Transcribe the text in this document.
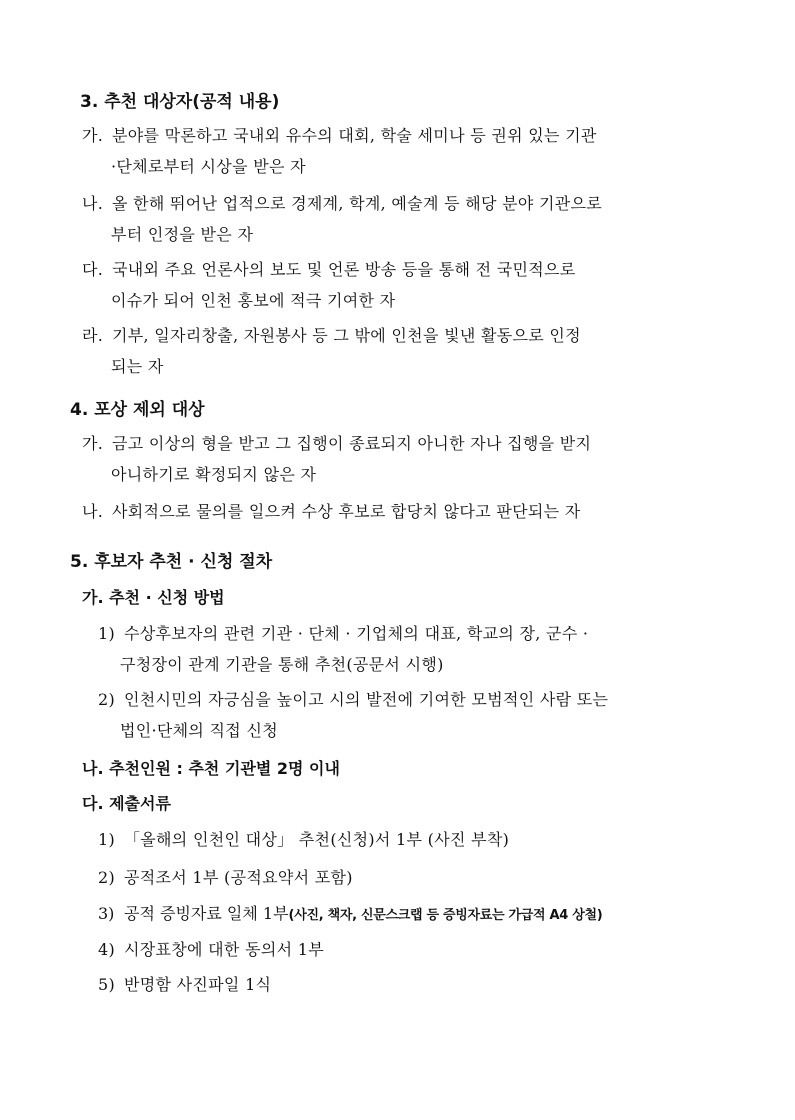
3. 추천 대상자(공적 내용)
가. 분야를 막론하고 국내외 유수의 대회, 학술 세미나 등 권위 있는 기관
·단체로부터 시상을 받은 자
나. 올 한해 뛰어난 업적으로 경제계, 학계, 예술계 등 해당 분야 기관으로
부터 인정을 받은 자
다. 국내외 주요 언론사의 보도 및 언론 방송 등을 통해 전 국민적으로
이슈가 되어 인천 홍보에 적극 기여한 자
라. 기부, 일자리창출, 자원봉사 등 그 밖에 인천을 빛낸 활동으로 인정
되는 자
4. 포상 제외 대상
가. 금고 이상의 형을 받고 그 집행이 종료되지 아니한 자나 집행을 받지
아니하기로 확정되지 않은 자
나. 사회적으로 물의를 일으켜 수상 후보로 합당치 않다고 판단되는 자
5. 후보자 추천 · 신청 절차
가. 추천 · 신청 방법
1) 수상후보자의 관련 기관 · 단체 · 기업체의 대표, 학교의 장, 군수 ·
구청장이 관계 기관을 통해 추천(공문서 시행)
2) 인천시민의 자긍심을 높이고 시의 발전에 기여한 모범적인 사람 또는
법인·단체의 직접 신청
나. 추천인원 : 추천 기관별 2명 이내
다. 제출서류
1) 「올해의 인천인 대상」 추천(신청)서 1부 (사진 부착)
2) 공적조서 1부 (공적요약서 포함)
3) 공적 증빙자료 일체 1부(사진, 책자, 신문스크랩 등 증빙자료는 가급적 A4 상철)
4) 시장표창에 대한 동의서 1부
5) 반명함 사진파일 1식
